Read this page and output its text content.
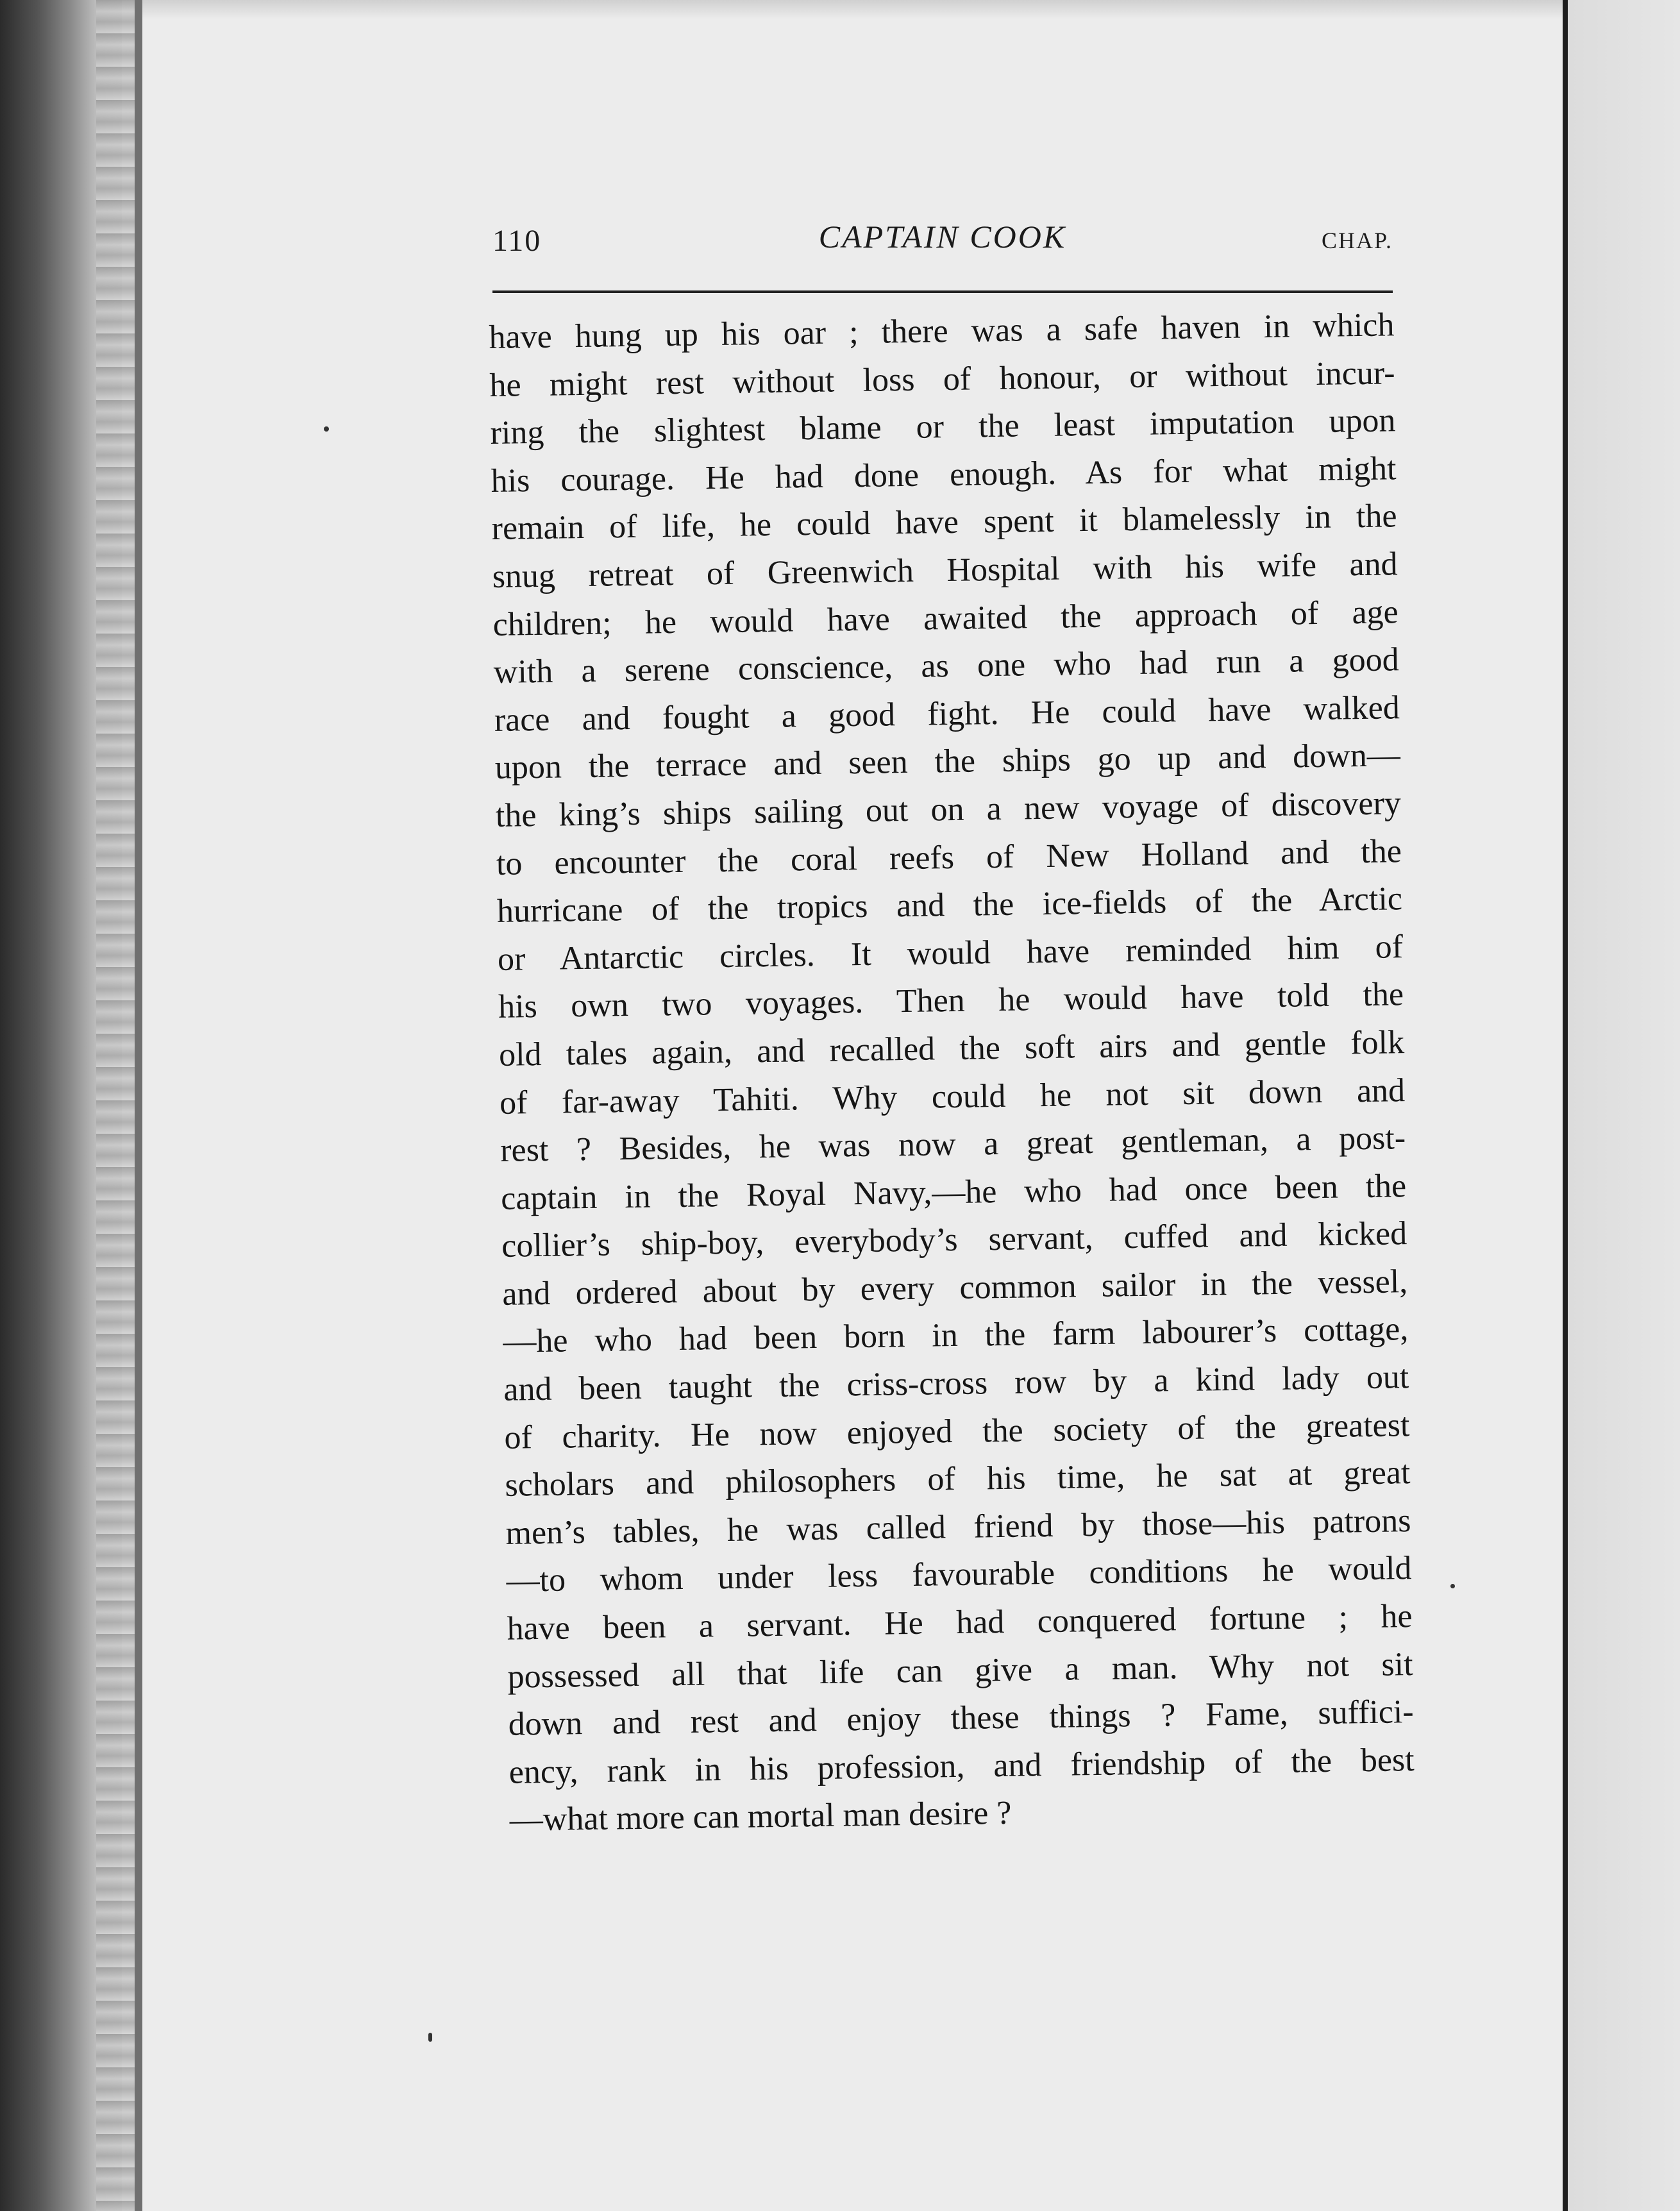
110	CAPTAIN COOK	CHAP.
have hung up his oar ; there was a safe haven in which
he might rest without loss of honour, or without incur-
ring the slightest blame or the least imputation upon
his courage. He had done enough. As for what might
remain of life, he could have spent it blamelessly in the
snug retreat of Greenwich Hospital with his wife and
children; he would have awaited the approach of age
with a serene conscience, as one who had run a good
race and fought a good fight. He could have walked
upon the terrace and seen the ships go up and down—
the king’s ships sailing out on a new voyage of discovery
to encounter the coral reefs of New Holland and the
hurricane of the tropics and the ice-fields of the Arctic
or Antarctic circles. It would have reminded him of
his own two voyages. Then he would have told the
old tales again, and recalled the soft airs and gentle folk
of far-away Tahiti. Why could he not sit down and
rest ? Besides, he was now a great gentleman, a post-
captain in the Royal Navy,—he who had once been the
collier’s ship-boy, everybody’s servant, cuffed and kicked
and ordered about by every common sailor in the vessel,
—he who had been born in the farm labourer’s cottage,
and been taught the criss-cross row by a kind lady out
of charity. He now enjoyed the society of the greatest
scholars and philosophers of his time, he sat at great
men’s tables, he was called friend by those—his patrons
—to whom under less favourable conditions he would
have been a servant. He had conquered fortune ; he
possessed all that life can give a man. Why not sit
down and rest and enjoy these things ? Fame, suffici-
ency, rank in his profession, and friendship of the best
—what more can mortal man desire ?
